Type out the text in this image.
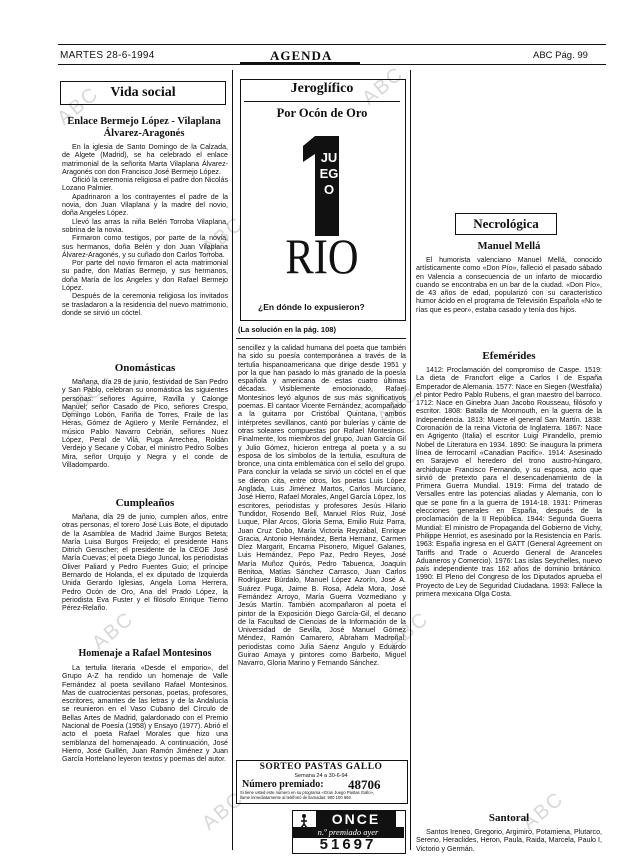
ABC	ABC
ABC
ABC	ABC
ABC	ABC
ABC	ABC
MARTES 28-6-1994	AGENDA	ABC Pág. 99
Vida social
Enlace Bermejo López - Vilaplana Álvarez-Aragonés

En la iglesia de Santo Domingo de la Calzada, de Algete (Madrid), se ha celebrado el enlace matrimonial de la señorita Marta Vilaplana Álvarez-Aragonés con don Francisco José Bermejo López.

Ofició la ceremonia religiosa el padre don Nicolás Lozano Palmier.

Apadrinaron a los contrayentes el padre de la novia, don Juan Vilaplana y la madre del novio, doña Angeles López.

Llevó las arras la niña Belén Torroba Vilaplana, sobrina de la novia.

Firmaron como testigos, por parte de la novia, sus hermanos, doña Belén y don Juan Vilaplana Álvarez-Aragonés, y su cuñado don Carlos Torroba.

Por parte del novio firmaron el acta matrimonial su padre, don Matías Bermejo, y sus hermanos, doña María de los Angeles y don Rafael Bermejo López.

Después de la ceremonia religiosa los invitados se trasladaron a la residencia del nuevo matrimonio, donde se sirvió un cóctel.

Onomásticas

Mañana, día 29 de junio, festividad de San Pedro y San Pablo, celebran su onomástica las siguientes personas: señores Aguirre, Ravilla y Calonge Manuel; señor Casado de Pico, señores Crespo, Domingo Lobón, Fariña de Torres, Fraile de las Heras, Gómez de Agüero y Merile Fernández, el músico Pablo Navarro Cebrián, señores Nuez López, Peral de Vilá, Puga Arrechea, Roldán Verdejo y Secane y Cobar, el ministro Pedro Solbes Mira, señor Urquijo y Negra y el conde de Villadompardo.

Cumpleaños

Mañana, día 29 de junio, cumplen años, entre otras personas, el torero José Luis Bote, el diputado de la Asamblea de Madrid Jaime Burgos Beteta; María Luisa Burgos Freijedo; el presidente Hans Ditrich Genscher; el presidente de la CEOE José María Cuevas; el poeta Diego Juncal, los periodistas Oliver Paliard y Pedro Fuentes Guio; el príncipe Bernardo de Holanda, el ex diputado de Izquierda Unida Gerardo Iglesias, Angela Loma Herrera, Pedro Ocón de Oro, Ana del Prado López, la periodista Eva Fuster y el filósofo Enrique Tierno Pérez-Relaño.

Homenaje a Rafael Montesinos

La tertulia literaria «Desde el emporio», del Grupo A-Z ha rendido un homenaje de Valle Fernández al poeta sevillano Rafael Montesinos. Mas de cuatrocientas personas, poetas, profesores, escritores, amantes de las letras y de la Andalucía se reunieron en el Vaso Cubano del Círculo de Bellas Artes de Madrid, galardonado con el Premio Nacional de Poesía (1958) y Ensayo (1977). Abrió el acto el poeta Rafael Morales que hizo una semblanza del homenajeado. A continuación, José Hierro, José Guillén, Juan Ramón Jiménez y Juan García Hortelano leyeron textos y poemas del autor.

Jeroglífico
Por Ocón de Oro
JUEGO
RIO
¿En dónde lo expusieron?
(La solución en la pág. 108)

sencillez y la calidad humana del poeta que también ha sido su poesía contemporánea a través de la tertulia hispanoamericana que dirige desde 1951 y por la que han pasado lo más granado de la poesía española y americana de estas cuatro últimas décadas. Visiblemente emocionado, Rafael Montesinos leyó algunos de sus más significativos poemas. El cantaor Vicente Fernández, acompañado a la guitarra por Cristóbal Quintana, ambos intérpretes sevillanos, cantó por bulerías y cante de otras soleares compuestas por Rafael Montesinos. Finalmente, los miembros del grupo, Juan García Gil y Julio Gómez, hicieron entrega al poeta y a su esposa de los símbolos de la tertulia, escultura de bronce, una cinta emblemática con el sello del grupo. Para concluir la velada se sirvió un cóctel en el que se dieron cita, entre otros, los poetas Luis López Anglada, Luis Jiménez Martos, Carlos Murciano, José Hierro, Rafael Morales, Angel García López, los escritores, periodistas y profesores Jesús Hilario Tundidor, Rosendo Bell, Manuel Ríos Ruiz, José Luque, Pilar Arcos, Gloria Serna, Emilio Ruiz Parra, Juan Cruz Cobo, María Victoria Reyzábal, Enrique Gracia, Antonio Hernández, Berta Hernanz, Carmen Díez Margarit, Encarna Pisonero, Miguel Galanes, Luis Hernández, Pepo Paz, Pedro Reyes, José María Muñoz Quirós, Pedro Tabuenca, Joaquín Benitoa, Matías Sánchez Carrasco, Juan Carlos Rodríguez Búrdalo, Manuel López Azorín, José A. Suárez Puga, Jaime B. Rosa, Adela Mora, José Fernández Arroyo, María Guerra Vozmediano y Jesús Martín. También acompañaron al poeta el pintor de la Exposición Diego García-Gil, el decano de la Facultad de Ciencias de la Información de la Universidad de Sevilla, José Manuel Gómez Méndez, Ramón Camarero, Abraham Madroñal, periodistas como Julia Sáenz Angulo y Eduardo Guirao Amaya y pintores como Barbeito, Miguel Navarro, Gloria Marino y Fernando Sánchez.

SORTEO PASTAS GALLO
Semana 24 a 30-6-94
Número premiado: 48706
Si tiene usted este número en su programa «Gran Juego Pastas Gallo»,
llame inmediatamente al teléfono de llamadas: 900 100 666
ONCE
n.º premiado ayer
51697
Necrológica
Manuel Mellá

El humorista valenciano Manuel Mellá, conocido artísticamente como «Don Pío», falleció el pasado sábado en Valencia a consecuencia de un infarto de miocardio cuando se encontraba en un bar de la ciudad. «Don Pío», de 43 años de edad, popularizó con su característico humor ácido en el programa de Televisión Española «No te rías que es peor», estaba casado y tenía dos hijos.

Efemérides

1412: Proclamación del compromiso de Caspe. 1519: La dieta de Francfort elige a Carlos I de España Emperador de Alemania. 1577: Nace en Siegen (Westfalia) el pintor Pedro Pablo Rubens, el gran maestro del barroco. 1712: Nace en Ginebra Juan Jacobo Rousseau, filósofo y escritor. 1808: Batalla de Monmouth, en la guerra de la Independencia. 1813: Muere el general San Martín. 1838: Coronación de la reina Victoria de Inglaterra. 1867: Nace en Agrigento (Italia) el escritor Luigi Pirandello, premio Nobel de Literatura en 1934. 1890: Se inaugura la primera línea de ferrocarril «Canadian Pacific». 1914: Asesinado en Sarajevo el heredero del trono austro-húngaro, archiduque Francisco Fernando, y su esposa, acto que sirvió de pretexto para el desencadenamiento de la Primera Guerra Mundial. 1919: Firma del tratado de Versalles entre las potencias aliadas y Alemania, con lo que se pone fin a la guerra de 1914-18. 1931: Primeras elecciones generales en España, después de la proclamación de la II República. 1944: Segunda Guerra Mundial: El ministro de Propaganda del Gobierno de Vichy, Philippe Henriot, es asesinado por la Resistencia en París. 1963: España ingresa en el GATT (General Agreement on Tariffs and Trade o Acuerdo General de Aranceles Aduaneros y Comercio). 1976: Las islas Seychelles, nuevo país independiente tras 162 años de dominio británico. 1990: El Pleno del Congreso de los Diputados aprueba el Proyecto de Ley de Seguridad Ciudadana. 1993: Fallece la primera mexicana Olga Costa.

Santoral

Santos Ireneo, Gregorio, Argimiro, Potamiena, Plutarco, Sereno, Heraclides, Heron, Paula, Raida, Marcela, Paulo I, Victorio y Germán.
